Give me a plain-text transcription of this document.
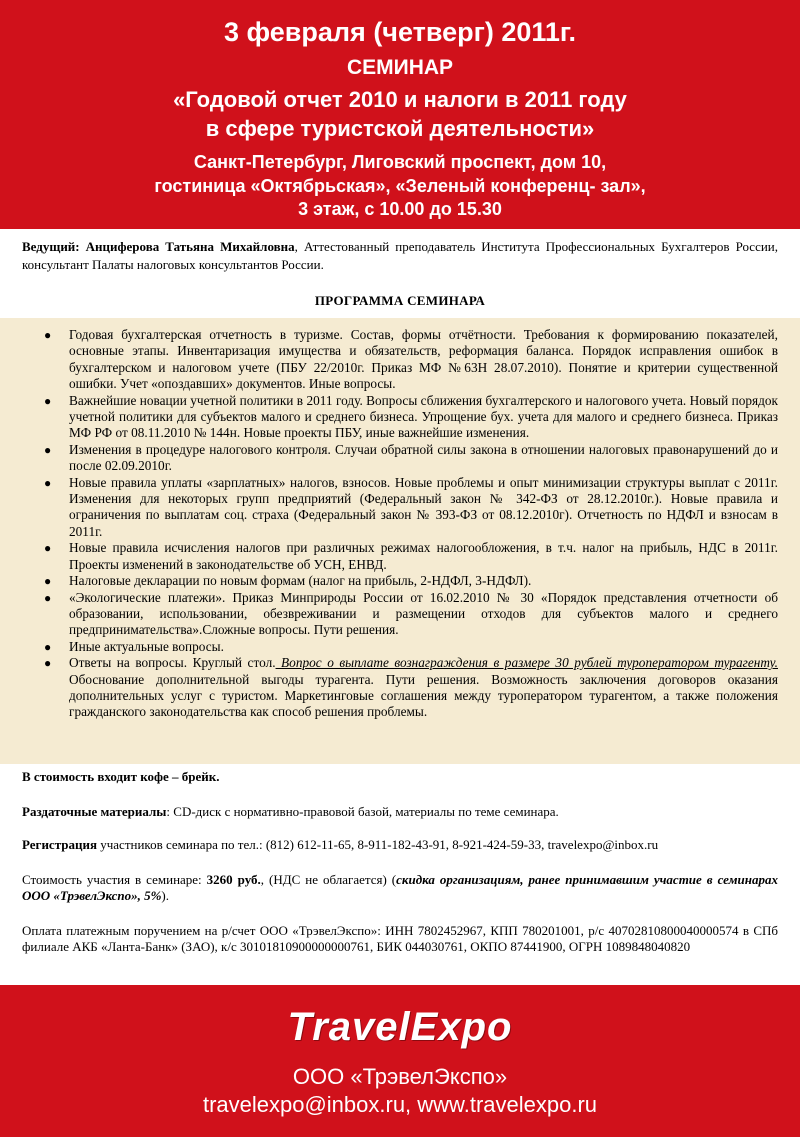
3 февраля (четверг) 2011г.
СЕМИНАР
«Годовой отчет 2010 и налоги в 2011 году
в сфере туристской деятельности»
Санкт-Петербург, Лиговский проспект, дом 10,
гостиница «Октябрьская», «Зеленый конференц- зал»,
3 этаж, с 10.00 до 15.30
Ведущий: Анциферова Татьяна Михайловна, Аттестованный преподаватель Института Профессиональных Бухгалтеров России, консультант Палаты налоговых консультантов России.
ПРОГРАММА СЕМИНАРА
● Годовая бухгалтерская отчетность в туризме. Состав, формы отчётности. Требования к формированию показателей, основные этапы. Инвентаризация имущества и обязательств, реформация баланса. Порядок исправления ошибок в бухгалтерском и налоговом учете (ПБУ 22/2010г. Приказ МФ №63Н 28.07.2010). Понятие и критерии существенной ошибки. Учет «опоздавших» документов. Иные вопросы.
● Важнейшие новации учетной политики в 2011 году. Вопросы сближения бухгалтерского и налогового учета. Новый порядок учетной политики для субъектов малого и среднего бизнеса. Упрощение бух. учета для малого и среднего бизнеса. Приказ МФ РФ от 08.11.2010 № 144н. Новые проекты ПБУ, иные важнейшие изменения.
● Изменения в процедуре налогового контроля. Случаи обратной силы закона в отношении налоговых правонарушений до и после 02.09.2010г.
● Новые правила уплаты «зарплатных» налогов, взносов. Новые проблемы и опыт минимизации структуры выплат с 2011г. Изменения для некоторых групп предприятий (Федеральный закон № 342-ФЗ от 28.12.2010г.). Новые правила и ограничения по выплатам соц. страха (Федеральный закон № 393-ФЗ от 08.12.2010г). Отчетность по НДФЛ и взносам в 2011г.
● Новые правила исчисления налогов при различных режимах налогообложения, в т.ч. налог на прибыль, НДС в 2011г. Проекты изменений в законодательстве об УСН, ЕНВД.
● Налоговые декларации по новым формам (налог на прибыль, 2-НДФЛ, 3-НДФЛ).
● «Экологические платежи». Приказ Минприроды России от 16.02.2010 № 30 «Порядок представления отчетности об образовании, использовании, обезвреживании и размещении отходов для субъектов малого и среднего предпринимательства».Сложные вопросы. Пути решения.
● Иные актуальные вопросы.
● Ответы на вопросы. Круглый стол. Вопрос о выплате вознаграждения в размере 30 рублей туроператором турагенту. Обоснование дополнительной выгоды турагента. Пути решения. Возможность заключения договоров оказания дополнительных услуг с туристом. Маркетинговые соглашения между туроператором турагентом, а также положения гражданского законодательства как способ решения проблемы.
В стоимость входит кофе – брейк.
Раздаточные материалы: CD-диск с нормативно-правовой базой, материалы по теме семинара.
Регистрация участников семинара по тел.: (812) 612-11-65, 8-911-182-43-91, 8-921-424-59-33, travelexpo@inbox.ru
Стоимость участия в семинаре: 3260 руб., (НДС не облагается) (скидка организациям, ранее принимавшим участие в семинарах ООО «ТрэвелЭкспо», 5%).
Оплата платежным поручением на р/счет ООО «ТрэвелЭкспо»: ИНН 7802452967, КПП 780201001, р/с 40702810800040000574 в СПб филиале АКБ «Ланта-Банк» (ЗАО), к/с 30101810900000000761, БИК 044030761, ОКПО 87441900, ОГРН 1089848040820
TravelExpo
ООО «ТрэвелЭкспо»
travelexpo@inbox.ru, www.travelexpo.ru
